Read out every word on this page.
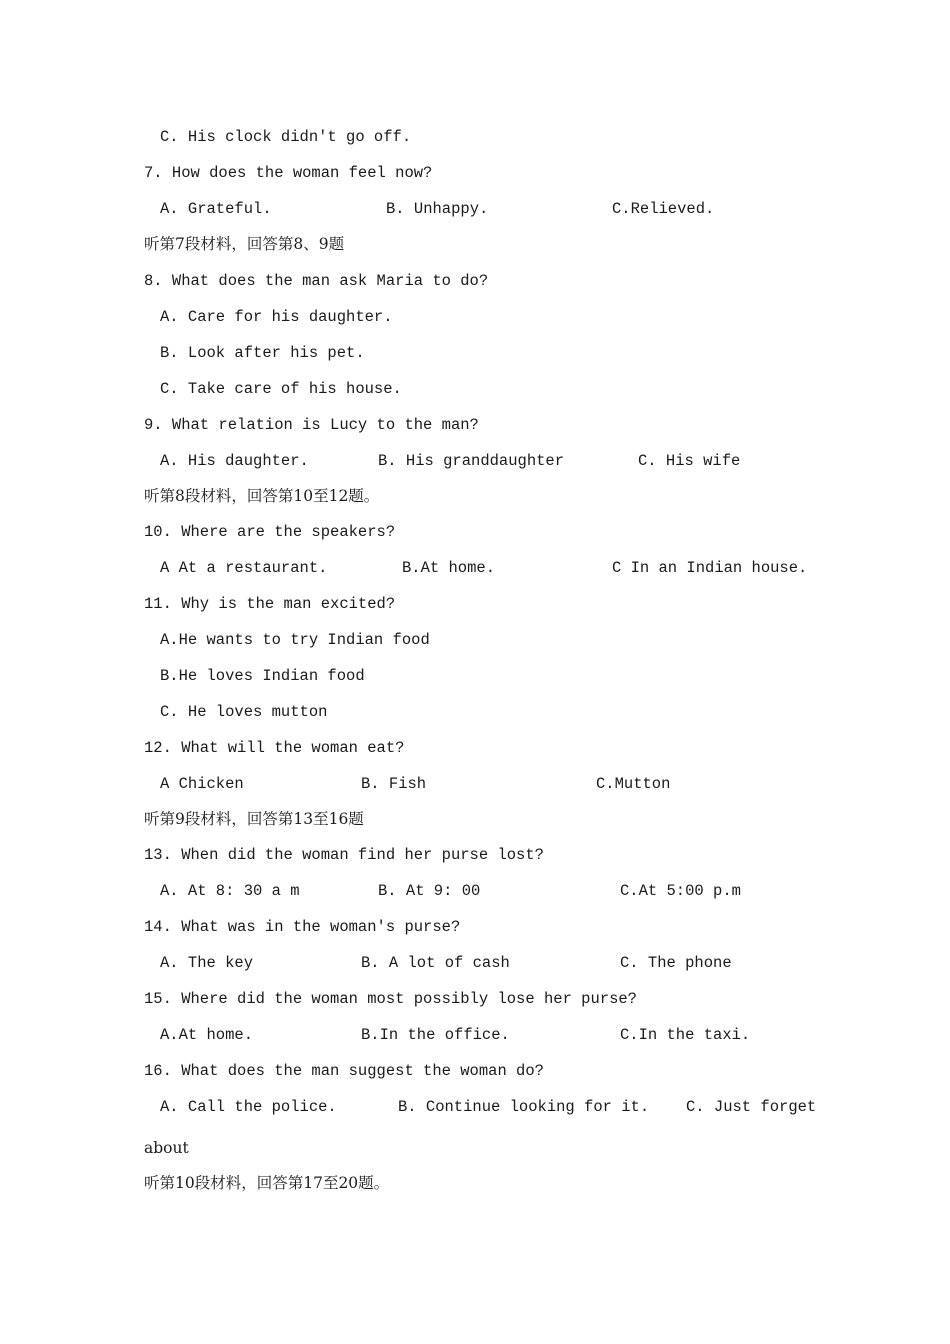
C. His clock didn't go off.
7. How does the woman feel now?
A. Grateful.	B. Unhappy.	C.Relieved.
听第7段材料，回答第8、9题
8. What does the man ask Maria to do?
A. Care for his daughter.
B. Look after his pet.
C. Take care of his house.
9. What relation is Lucy to the man?
A. His daughter.	B. His granddaughter	C. His wife
听第8段材料，回答第10至12题。
10. Where are the speakers?
A At a restaurant.	B.At home.	C In an Indian house.
11. Why is the man excited?
A.He wants to try Indian food
B.He loves Indian food
C. He loves mutton
12. What will the woman eat?
A Chicken	B. Fish	C.Mutton
听第9段材料，回答第13至16题
13. When did the woman find her purse lost?
A. At 8: 30 a m	B. At 9: 00	C.At 5:00 p.m
14. What was in the woman's purse?
A. The key	B. A lot of cash	C. The phone
15. Where did the woman most possibly lose her purse?
A.At home.	B.In the office.	C.In the taxi.
16. What does the man suggest the woman do?
A. Call the police.	B. Continue looking for it. C. Just forget
about
听第10段材料，回答第17至20题。
